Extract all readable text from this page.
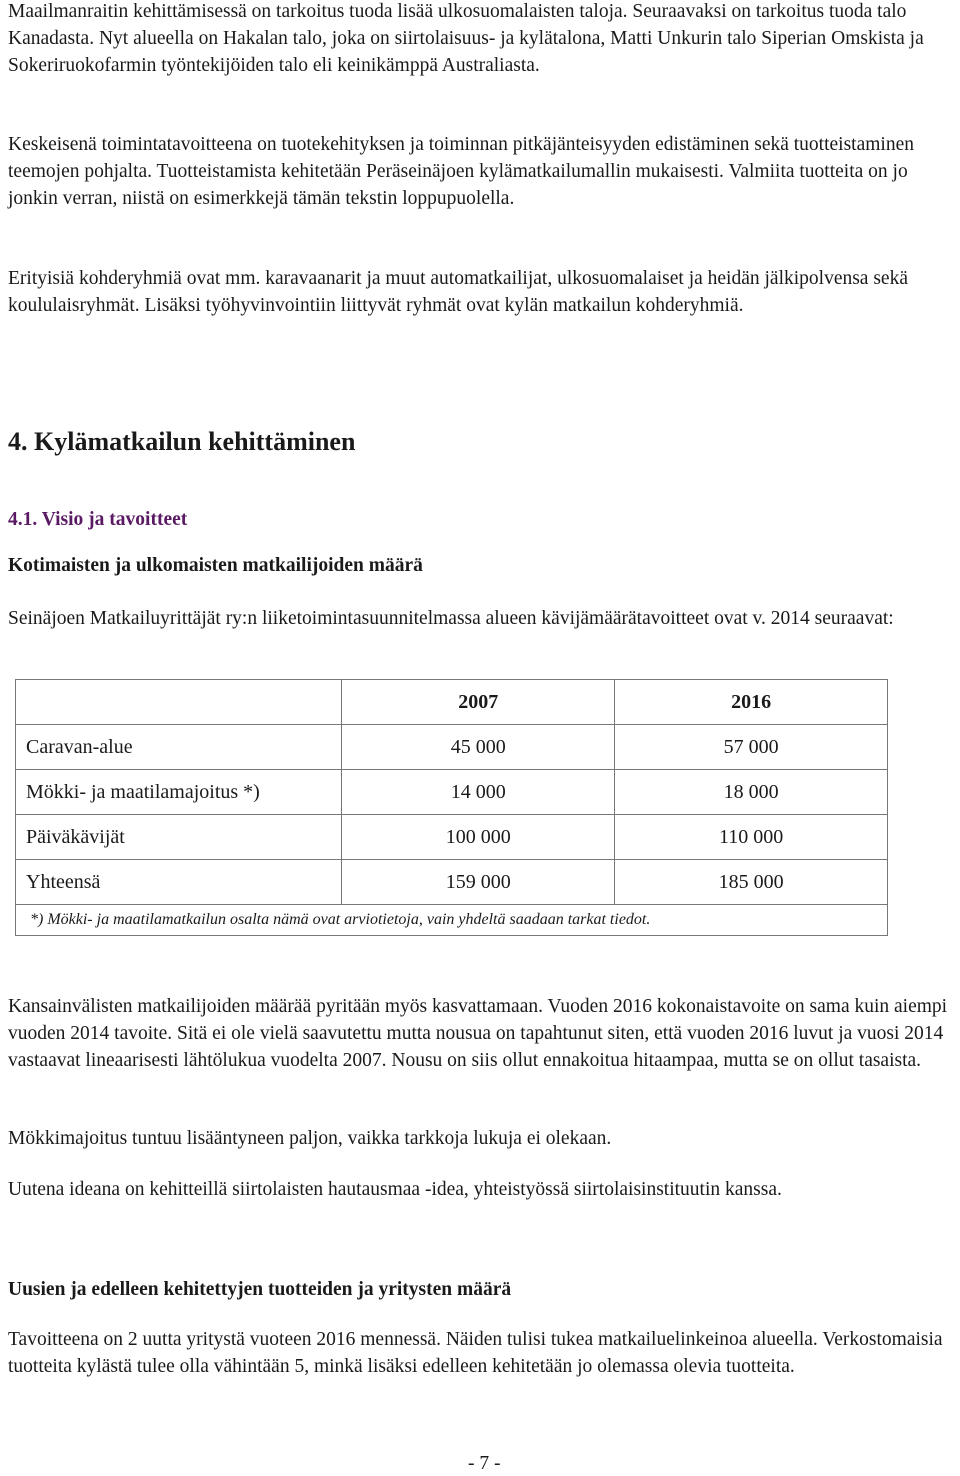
Maailmanraitin kehittämisessä on tarkoitus tuoda lisää ulkosuomalaisten taloja. Seuraavaksi on tarkoitus tuoda talo Kanadasta. Nyt alueella on Hakalan talo, joka on siirtolaisuus- ja kylätalona, Matti Unkurin talo Siperian Omskista ja Sokeriruokofarmin työntekijöiden talo eli keinikämppä Australiasta.

Keskeisenä toimintatavoitteena on tuotekehityksen ja toiminnan pitkäjänteisyyden edistäminen sekä tuotteistaminen teemojen pohjalta. Tuotteistamista kehitetään Peräseinäjoen kylämatkailumallin mukaisesti. Valmiita tuotteita on jo jonkin verran, niistä on esimerkkejä tämän tekstin loppupuolella.

Erityisiä kohderyhmiä ovat mm. karavaanarit ja muut automatkailijat, ulkosuomalaiset ja heidän jälkipolvensa sekä koululaisryhmät. Lisäksi työhyvinvointiin liittyvät ryhmät ovat kylän matkailun kohderyhmiä.

4. Kylämatkailun kehittäminen
4.1. Visio ja tavoitteet
Kotimaisten ja ulkomaisten matkailijoiden määrä

Seinäjoen Matkailuyrittäjät ry:n liiketoimintasuunnitelmassa alueen kävijämäärätavoitteet ovat v. 2014 seuraavat:

	2007	2016
Caravan-alue	45 000	57 000
Mökki- ja maatilamajoitus *)	14 000	18 000
Päiväkävijät	100 000	110 000
Yhteensä	159 000	185 000
*) Mökki- ja maatilamatkailun osalta nämä ovat arviotietoja, vain yhdeltä saadaan tarkat tiedot.		

Kansainvälisten matkailijoiden määrää pyritään myös kasvattamaan. Vuoden 2016 kokonaistavoite on sama kuin aiempi vuoden 2014 tavoite. Sitä ei ole vielä saavutettu mutta nousua on tapahtunut siten, että vuoden 2016 luvut ja vuosi 2014 vastaavat lineaarisesti lähtölukua vuodelta 2007. Nousu on siis ollut ennakoitua hitaampaa, mutta se on ollut tasaista.

Mökkimajoitus tuntuu lisääntyneen paljon, vaikka tarkkoja lukuja ei olekaan.

Uutena ideana on kehitteillä siirtolaisten hautausmaa -idea, yhteistyössä siirtolaisinstituutin kanssa.

Uusien ja edelleen kehitettyjen tuotteiden ja yritysten määrä

Tavoitteena on 2 uutta yritystä vuoteen 2016 mennessä. Näiden tulisi tukea matkailuelinkeinoa alueella. Verkostomaisia tuotteita kylästä tulee olla vähintään 5, minkä lisäksi edelleen kehitetään jo olemassa olevia tuotteita.

- 7 -
